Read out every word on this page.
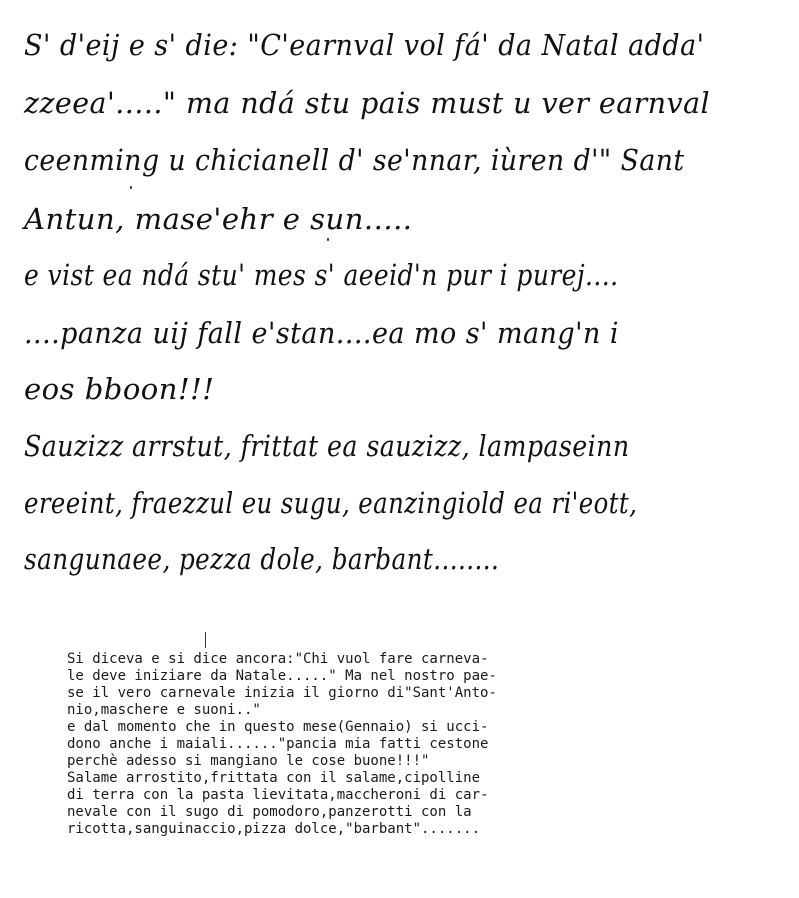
S' d'eij e s' die: "C'earnval vol fá' da Natal adda'
zzeea'....." ma ndá stu pais must u ver earnval
ceenming u chicianell d' se'nnar, iùren d'" Sant
Antun, mase'ehr e sun.....
e vist ea ndá stu' mes s' aeeid'n pur i purej....
....panza uij fall e'stan....ea mo s' mang'n i
eos bboon!!!
Sauzizz arrstut, frittat ea sauzizz, lampaseinn
ereeint, fraezzul eu sugu, eanzingiold ea ri'eott,
sangunaee, pezza dole, barbant........
Si diceva e si dice ancora:"Chi vuol fare carneva-
le deve iniziare da Natale....." Ma nel nostro pae-
se il vero carnevale inizia il giorno di"Sant'Anto-
nio,maschere e suoni.."
e dal momento che in questo mese(Gennaio) si ucci-
dono anche i maiali......"pancia mia fatti cestone
perchè adesso si mangiano le cose buone!!!"
Salame arrostito,frittata con il salame,cipolline
di terra con la pasta lievitata,maccheroni di car-
nevale con il sugo di pomodoro,panzerotti con la
ricotta,sanguinaccio,pizza dolce,"barbant".......
